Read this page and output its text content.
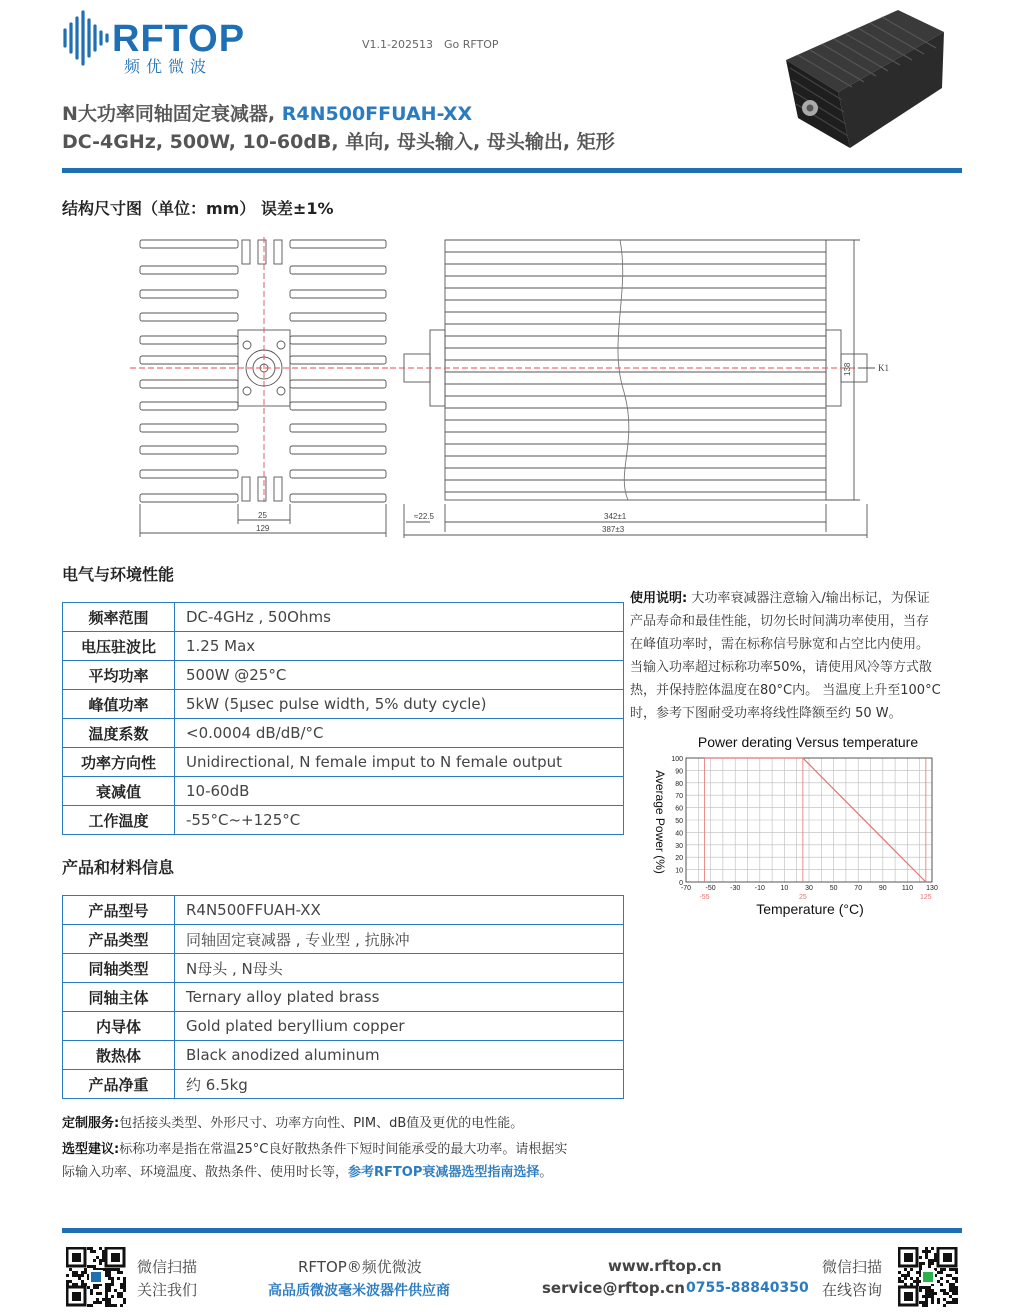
RFTOP
频优微波
V1.1-202513 Go RFTOP
N大功率同轴固定衰减器, R4N500FFUAH-XX
DC-4GHz, 500W, 10-60dB, 单向, 母头输入, 母头输出, 矩形
结构尺寸图（单位：mm） 误差±1%
25
129
≈22.5	342±1
387±3
138	K1
电气与环境性能
频率范围	DC-4GHz , 50Ohms
电压驻波比	1.25 Max
平均功率	500W @25°C
峰值功率	5kW (5µsec pulse width, 5% duty cycle)
温度系数	<0.0004 dB/dB/°C
功率方向性	Unidirectional, N female imput to N female output
衰减值	10-60dB
工作温度	-55°C~+125°C
使用说明: 大功率衰减器注意输入/输出标记，为保证
产品寿命和最佳性能，切勿长时间满功率使用，当存
在峰值功率时，需在标称信号脉宽和占空比内使用。
当输入功率超过标称功率50%，请使用风冷等方式散
热，并保持腔体温度在80°C内。 当温度上升至100°C
时，参考下图耐受功率将线性降额至约 50 W。
Power derating Versus temperature
Average Power (%)
Temperature (°C)
0
10
20
30
40
50
60
70
80
90
100
-70 -50 -30 -10 10 30 50 70 90 110 130
-55	25	125
产品和材料信息
产品型号	R4N500FFUAH-XX
产品类型	同轴固定衰减器 , 专业型 , 抗脉冲
同轴类型	N母头 , N母头
同轴主体	Ternary alloy plated brass
内导体	Gold plated beryllium copper
散热体	Black anodized aluminum
产品净重	约 6.5kg
定制服务:包括接头类型、外形尺寸、功率方向性、PIM、dB值及更优的电性能。
选型建议:标称功率是指在常温25°C良好散热条件下短时间能承受的最大功率。请根据实
际输入功率、环境温度、散热条件、使用时长等，参考RFTOP衰减器选型指南选择。
微信扫描
关注我们
RFTOP®频优微波
高品质微波毫米波器件供应商
www.rftop.cn
service@rftop.cn 0755-88840350
微信扫描
在线咨询
